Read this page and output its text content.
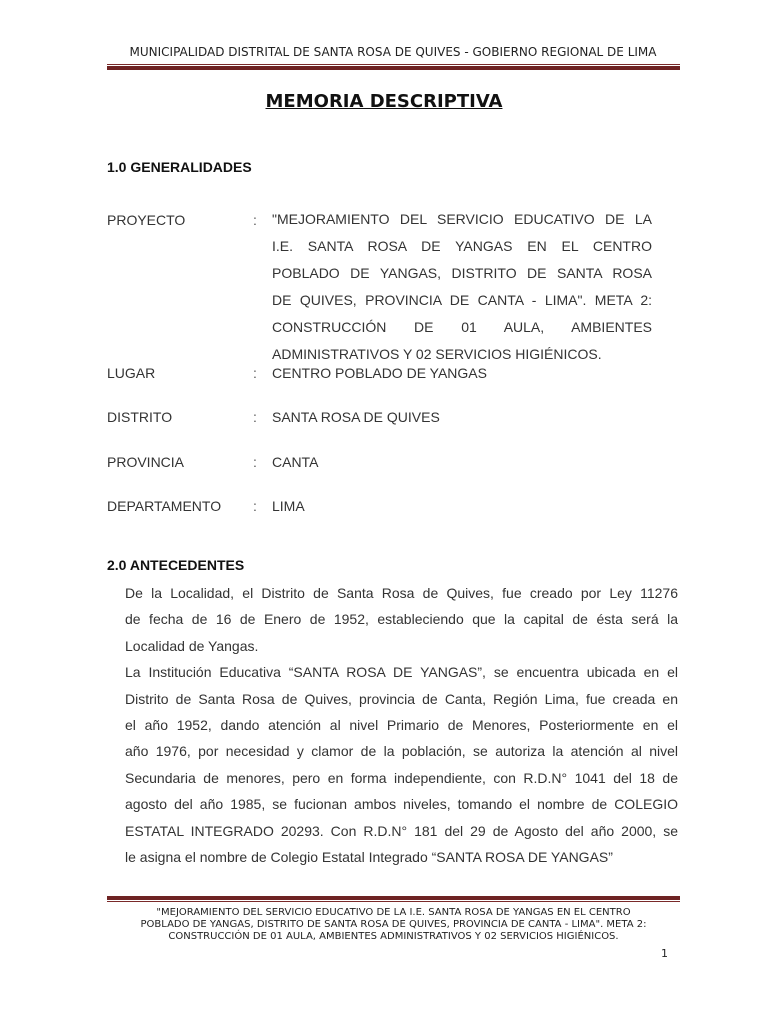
MUNICIPALIDAD DISTRITAL DE SANTA ROSA DE QUIVES - GOBIERNO REGIONAL DE LIMA
MEMORIA DESCRIPTIVA
1.0 GENERALIDADES
PROYECTO	: "MEJORAMIENTO DEL SERVICIO EDUCATIVO DE LA
I.E. SANTA ROSA DE YANGAS EN EL CENTRO
POBLADO DE YANGAS, DISTRITO DE SANTA ROSA
DE QUIVES, PROVINCIA DE CANTA - LIMA". META 2:
CONSTRUCCIÓN DE 01 AULA, AMBIENTES
ADMINISTRATIVOS Y 02 SERVICIOS HIGIÉNICOS.
LUGAR	: CENTRO POBLADO DE YANGAS
DISTRITO	: SANTA ROSA DE QUIVES
PROVINCIA	: CANTA
DEPARTAMENTO : LIMA
2.0 ANTECEDENTES
De la Localidad, el Distrito de Santa Rosa de Quives, fue creado por Ley 11276
de fecha de 16 de Enero de 1952, estableciendo que la capital de ésta será la
Localidad de Yangas.
La Institución Educativa “SANTA ROSA DE YANGAS”, se encuentra ubicada en el
Distrito de Santa Rosa de Quives, provincia de Canta, Región Lima, fue creada en
el año 1952, dando atención al nivel Primario de Menores, Posteriormente en el
año 1976, por necesidad y clamor de la población, se autoriza la atención al nivel
Secundaria de menores, pero en forma independiente, con R.D.N° 1041 del 18 de
agosto del año 1985, se fucionan ambos niveles, tomando el nombre de COLEGIO
ESTATAL INTEGRADO 20293. Con R.D.N° 181 del 29 de Agosto del año 2000, se
le asigna el nombre de Colegio Estatal Integrado “SANTA ROSA DE YANGAS”
"MEJORAMIENTO DEL SERVICIO EDUCATIVO DE LA I.E. SANTA ROSA DE YANGAS EN EL CENTRO
POBLADO DE YANGAS, DISTRITO DE SANTA ROSA DE QUIVES, PROVINCIA DE CANTA - LIMA". META 2:
CONSTRUCCIÓN DE 01 AULA, AMBIENTES ADMINISTRATIVOS Y 02 SERVICIOS HIGIÉNICOS.
1
